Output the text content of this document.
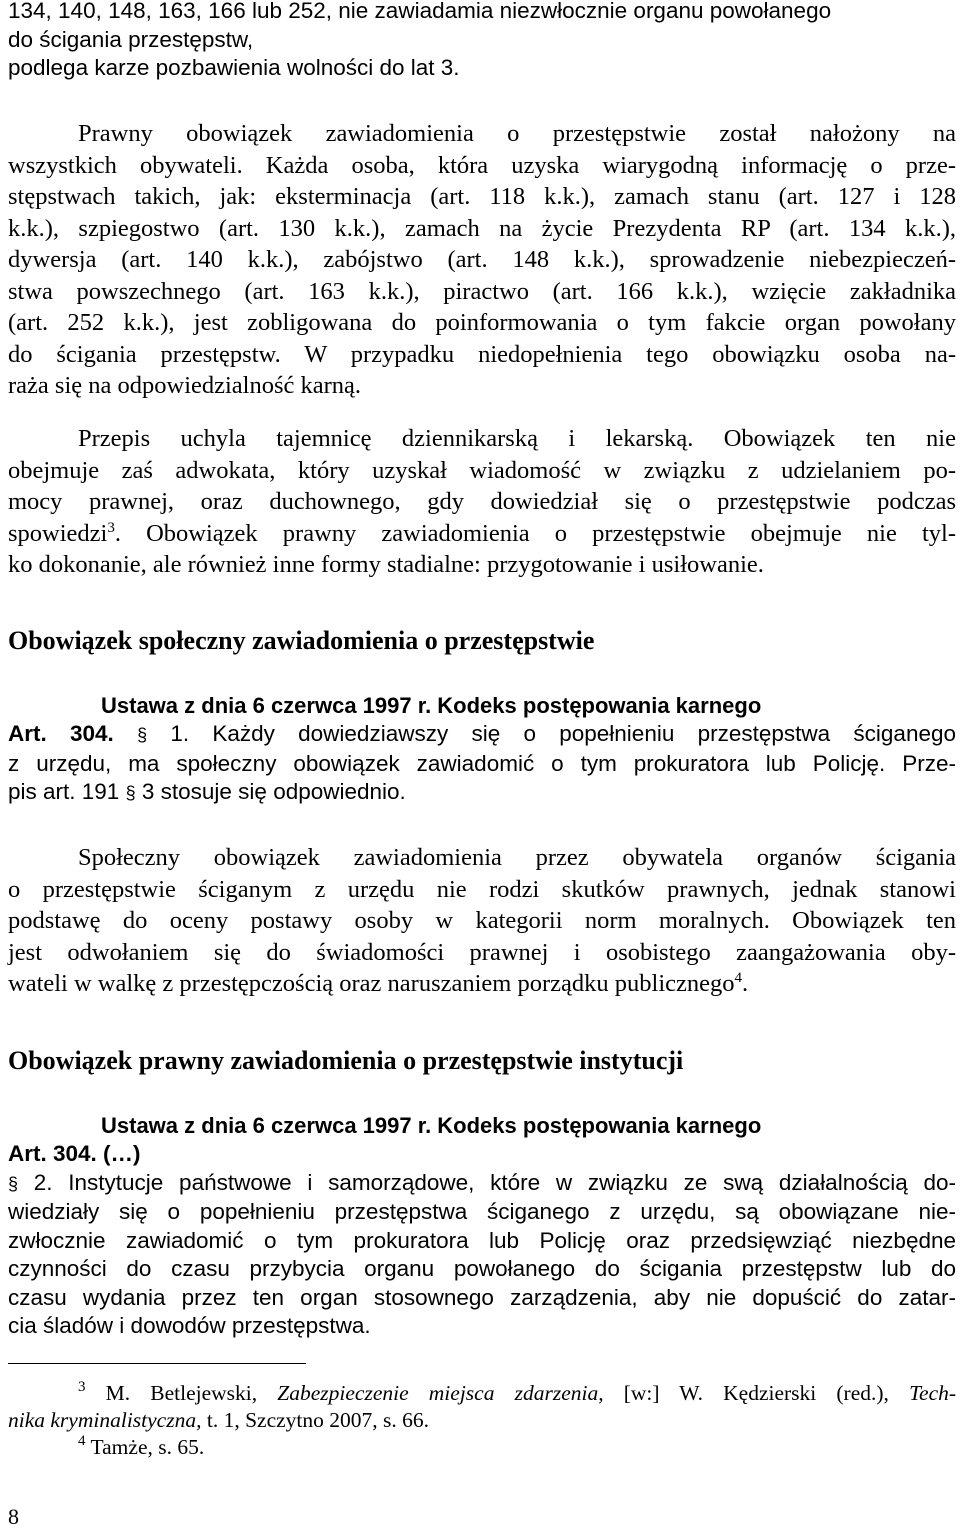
134, 140, 148, 163, 166 lub 252, nie zawiadamia niezwłocznie organu powołanego
do ścigania przestępstw,
podlega karze pozbawienia wolności do lat 3.
Prawny obowiązek zawiadomienia o przestępstwie został nałożony na
wszystkich obywateli. Każda osoba, która uzyska wiarygodną informację o prze-
stępstwach takich, jak: eksterminacja (art. 118 k.k.), zamach stanu (art. 127 i 128
k.k.), szpiegostwo (art. 130 k.k.), zamach na życie Prezydenta RP (art. 134 k.k.),
dywersja (art. 140 k.k.), zabójstwo (art. 148 k.k.), sprowadzenie niebezpieczeń-
stwa powszechnego (art. 163 k.k.), piractwo (art. 166 k.k.), wzięcie zakładnika
(art. 252 k.k.), jest zobligowana do poinformowania o tym fakcie organ powołany
do ścigania przestępstw. W przypadku niedopełnienia tego obowiązku osoba na-
raża się na odpowiedzialność karną.
Przepis uchyla tajemnicę dziennikarską i lekarską. Obowiązek ten nie
obejmuje zaś adwokata, który uzyskał wiadomość w związku z udzielaniem po-
mocy prawnej, oraz duchownego, gdy dowiedział się o przestępstwie podczas
spowiedzi$^3$. Obowiązek prawny zawiadomienia o przestępstwie obejmuje nie tyl-
ko dokonanie, ale również inne formy stadialne: przygotowanie i usiłowanie.
Obowiązek społeczny zawiadomienia o przestępstwie
Ustawa z dnia 6 czerwca 1997 r. Kodeks postępowania karnego
Art. 304. § 1. Każdy dowiedziawszy się o popełnieniu przestępstwa ściganego
z urzędu, ma społeczny obowiązek zawiadomić o tym prokuratora lub Policję. Prze-
pis art. 191 § 3 stosuje się odpowiednio.
Społeczny obowiązek zawiadomienia przez obywatela organów ścigania
o przestępstwie ściganym z urzędu nie rodzi skutków prawnych, jednak stanowi
podstawę do oceny postawy osoby w kategorii norm moralnych. Obowiązek ten
jest odwołaniem się do świadomości prawnej i osobistego zaangażowania oby-
wateli w walkę z przestępczością oraz naruszaniem porządku publicznego$^4$.
Obowiązek prawny zawiadomienia o przestępstwie instytucji
Ustawa z dnia 6 czerwca 1997 r. Kodeks postępowania karnego
Art. 304. (…)
§ 2. Instytucje państwowe i samorządowe, które w związku ze swą działalnością do-
wiedziały się o popełnieniu przestępstwa ściganego z urzędu, są obowiązane nie-
zwłocznie zawiadomić o tym prokuratora lub Policję oraz przedsięwziąć niezbędne
czynności do czasu przybycia organu powołanego do ścigania przestępstw lub do
czasu wydania przez ten organ stosownego zarządzenia, aby nie dopuścić do zatar-
cia śladów i dowodów przestępstwa.
$^3$ M. Betlejewski, Zabezpieczenie miejsca zdarzenia, [w:] W. Kędzierski (red.), Tech-
nika kryminalistyczna, t. 1, Szczytno 2007, s. 66.
$^4$ Tamże, s. 65.
8
